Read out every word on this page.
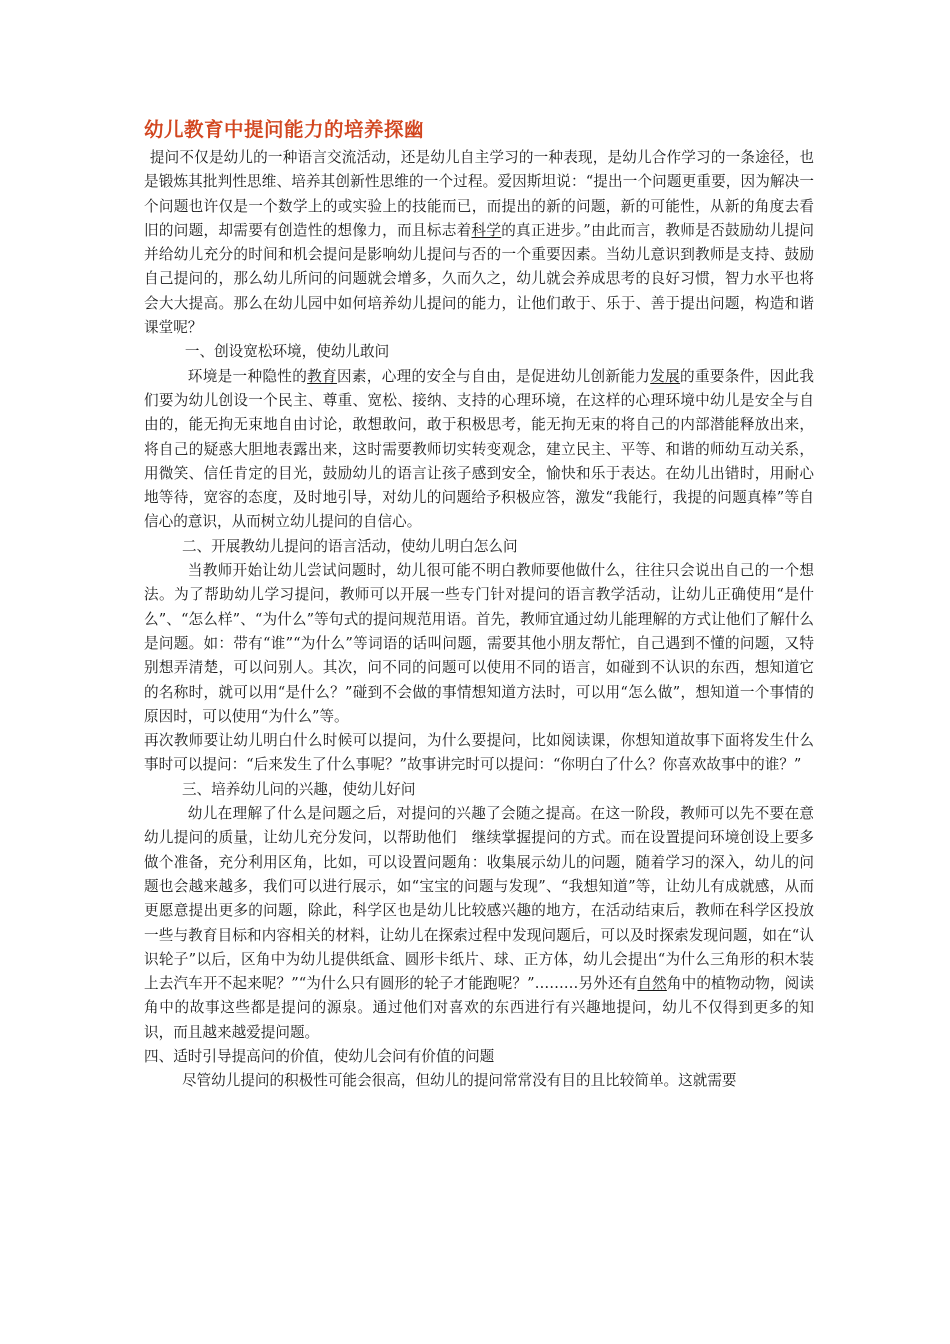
幼儿教育中提问能力的培养探幽

提问不仅是幼儿的一种语言交流活动，还是幼儿自主学习的一种表现，是幼儿合作学习的一条途径，也是锻炼其批判性思维、培养其创新性思维的一个过程。爱因斯坦说：“提出一个问题更重要，因为解决一个问题也许仅是一个数学上的或实验上的技能而已，而提出的新的问题，新的可能性，从新的角度去看旧的问题，却需要有创造性的想像力，而且标志着科学的真正进步。”由此而言，教师是否鼓励幼儿提问并给幼儿充分的时间和机会提问是影响幼儿提问与否的一个重要因素。当幼儿意识到教师是支持、鼓励自己提问的，那么幼儿所问的问题就会增多，久而久之，幼儿就会养成思考的良好习惯，智力水平也将会大大提高。那么在幼儿园中如何培养幼儿提问的能力，让他们敢于、乐于、善于提出问题，构造和谐课堂呢？

一、创设宽松环境，使幼儿敢问

环境是一种隐性的教育因素，心理的安全与自由，是促进幼儿创新能力发展的重要条件，因此我们要为幼儿创设一个民主、尊重、宽松、接纳、支持的心理环境，在这样的心理环境中幼儿是安全与自由的，能无拘无束地自由讨论，敢想敢问，敢于积极思考，能无拘无束的将自己的内部潜能释放出来，将自己的疑惑大胆地表露出来，这时需要教师切实转变观念，建立民主、平等、和谐的师幼互动关系，用微笑、信任肯定的目光，鼓励幼儿的语言让孩子感到安全，愉快和乐于表达。在幼儿出错时，用耐心地等待，宽容的态度，及时地引导，对幼儿的问题给予积极应答，激发“我能行，我提的问题真棒”等自信心的意识，从而树立幼儿提问的自信心。

二、开展教幼儿提问的语言活动，使幼儿明白怎么问

当教师开始让幼儿尝试问题时，幼儿很可能不明白教师要他做什么，往往只会说出自己的一个想法。为了帮助幼儿学习提问，教师可以开展一些专门针对提问的语言教学活动，让幼儿正确使用“是什么”、“怎么样”、“为什么”等句式的提问规范用语。首先，教师宜通过幼儿能理解的方式让他们了解什么是问题。如：带有“谁”“为什么”等词语的话叫问题，需要其他小朋友帮忙，自己遇到不懂的问题，又特别想弄清楚，可以问别人。其次，问不同的问题可以使用不同的语言，如碰到不认识的东西，想知道它的名称时，就可以用“是什么？”碰到不会做的事情想知道方法时，可以用“怎么做”，想知道一个事情的原因时，可以使用“为什么”等。

再次教师要让幼儿明白什么时候可以提问，为什么要提问，比如阅读课，你想知道故事下面将发生什么事时可以提问：“后来发生了什么事呢？”故事讲完时可以提问：“你明白了什么？你喜欢故事中的谁？”

三、培养幼儿问的兴趣，使幼儿好问

幼儿在理解了什么是问题之后，对提问的兴趣了会随之提高。在这一阶段，教师可以先不要在意幼儿提问的质量，让幼儿充分发问，以帮助他们　继续掌握提问的方式。而在设置提问环境创设上要多做个准备，充分利用区角，比如，可以设置问题角：收集展示幼儿的问题，随着学习的深入，幼儿的问题也会越来越多，我们可以进行展示，如“宝宝的问题与发现”、“我想知道”等，让幼儿有成就感，从而更愿意提出更多的问题，除此，科学区也是幼儿比较感兴趣的地方，在活动结束后，教师在科学区投放一些与教育目标和内容相关的材料，让幼儿在探索过程中发现问题后，可以及时探索发现问题，如在“认识轮子”以后，区角中为幼儿提供纸盒、圆形卡纸片、球、正方体，幼儿会提出“为什么三角形的积木装上去汽车开不起来呢？”“为什么只有圆形的轮子才能跑呢？”………另外还有自然角中的植物动物，阅读角中的故事这些都是提问的源泉。通过他们对喜欢的东西进行有兴趣地提问，幼儿不仅得到更多的知识，而且越来越爱提问题。

四、适时引导提高问的价值，使幼儿会问有价值的问题

尽管幼儿提问的积极性可能会很高，但幼儿的提问常常没有目的且比较简单。这就需要
